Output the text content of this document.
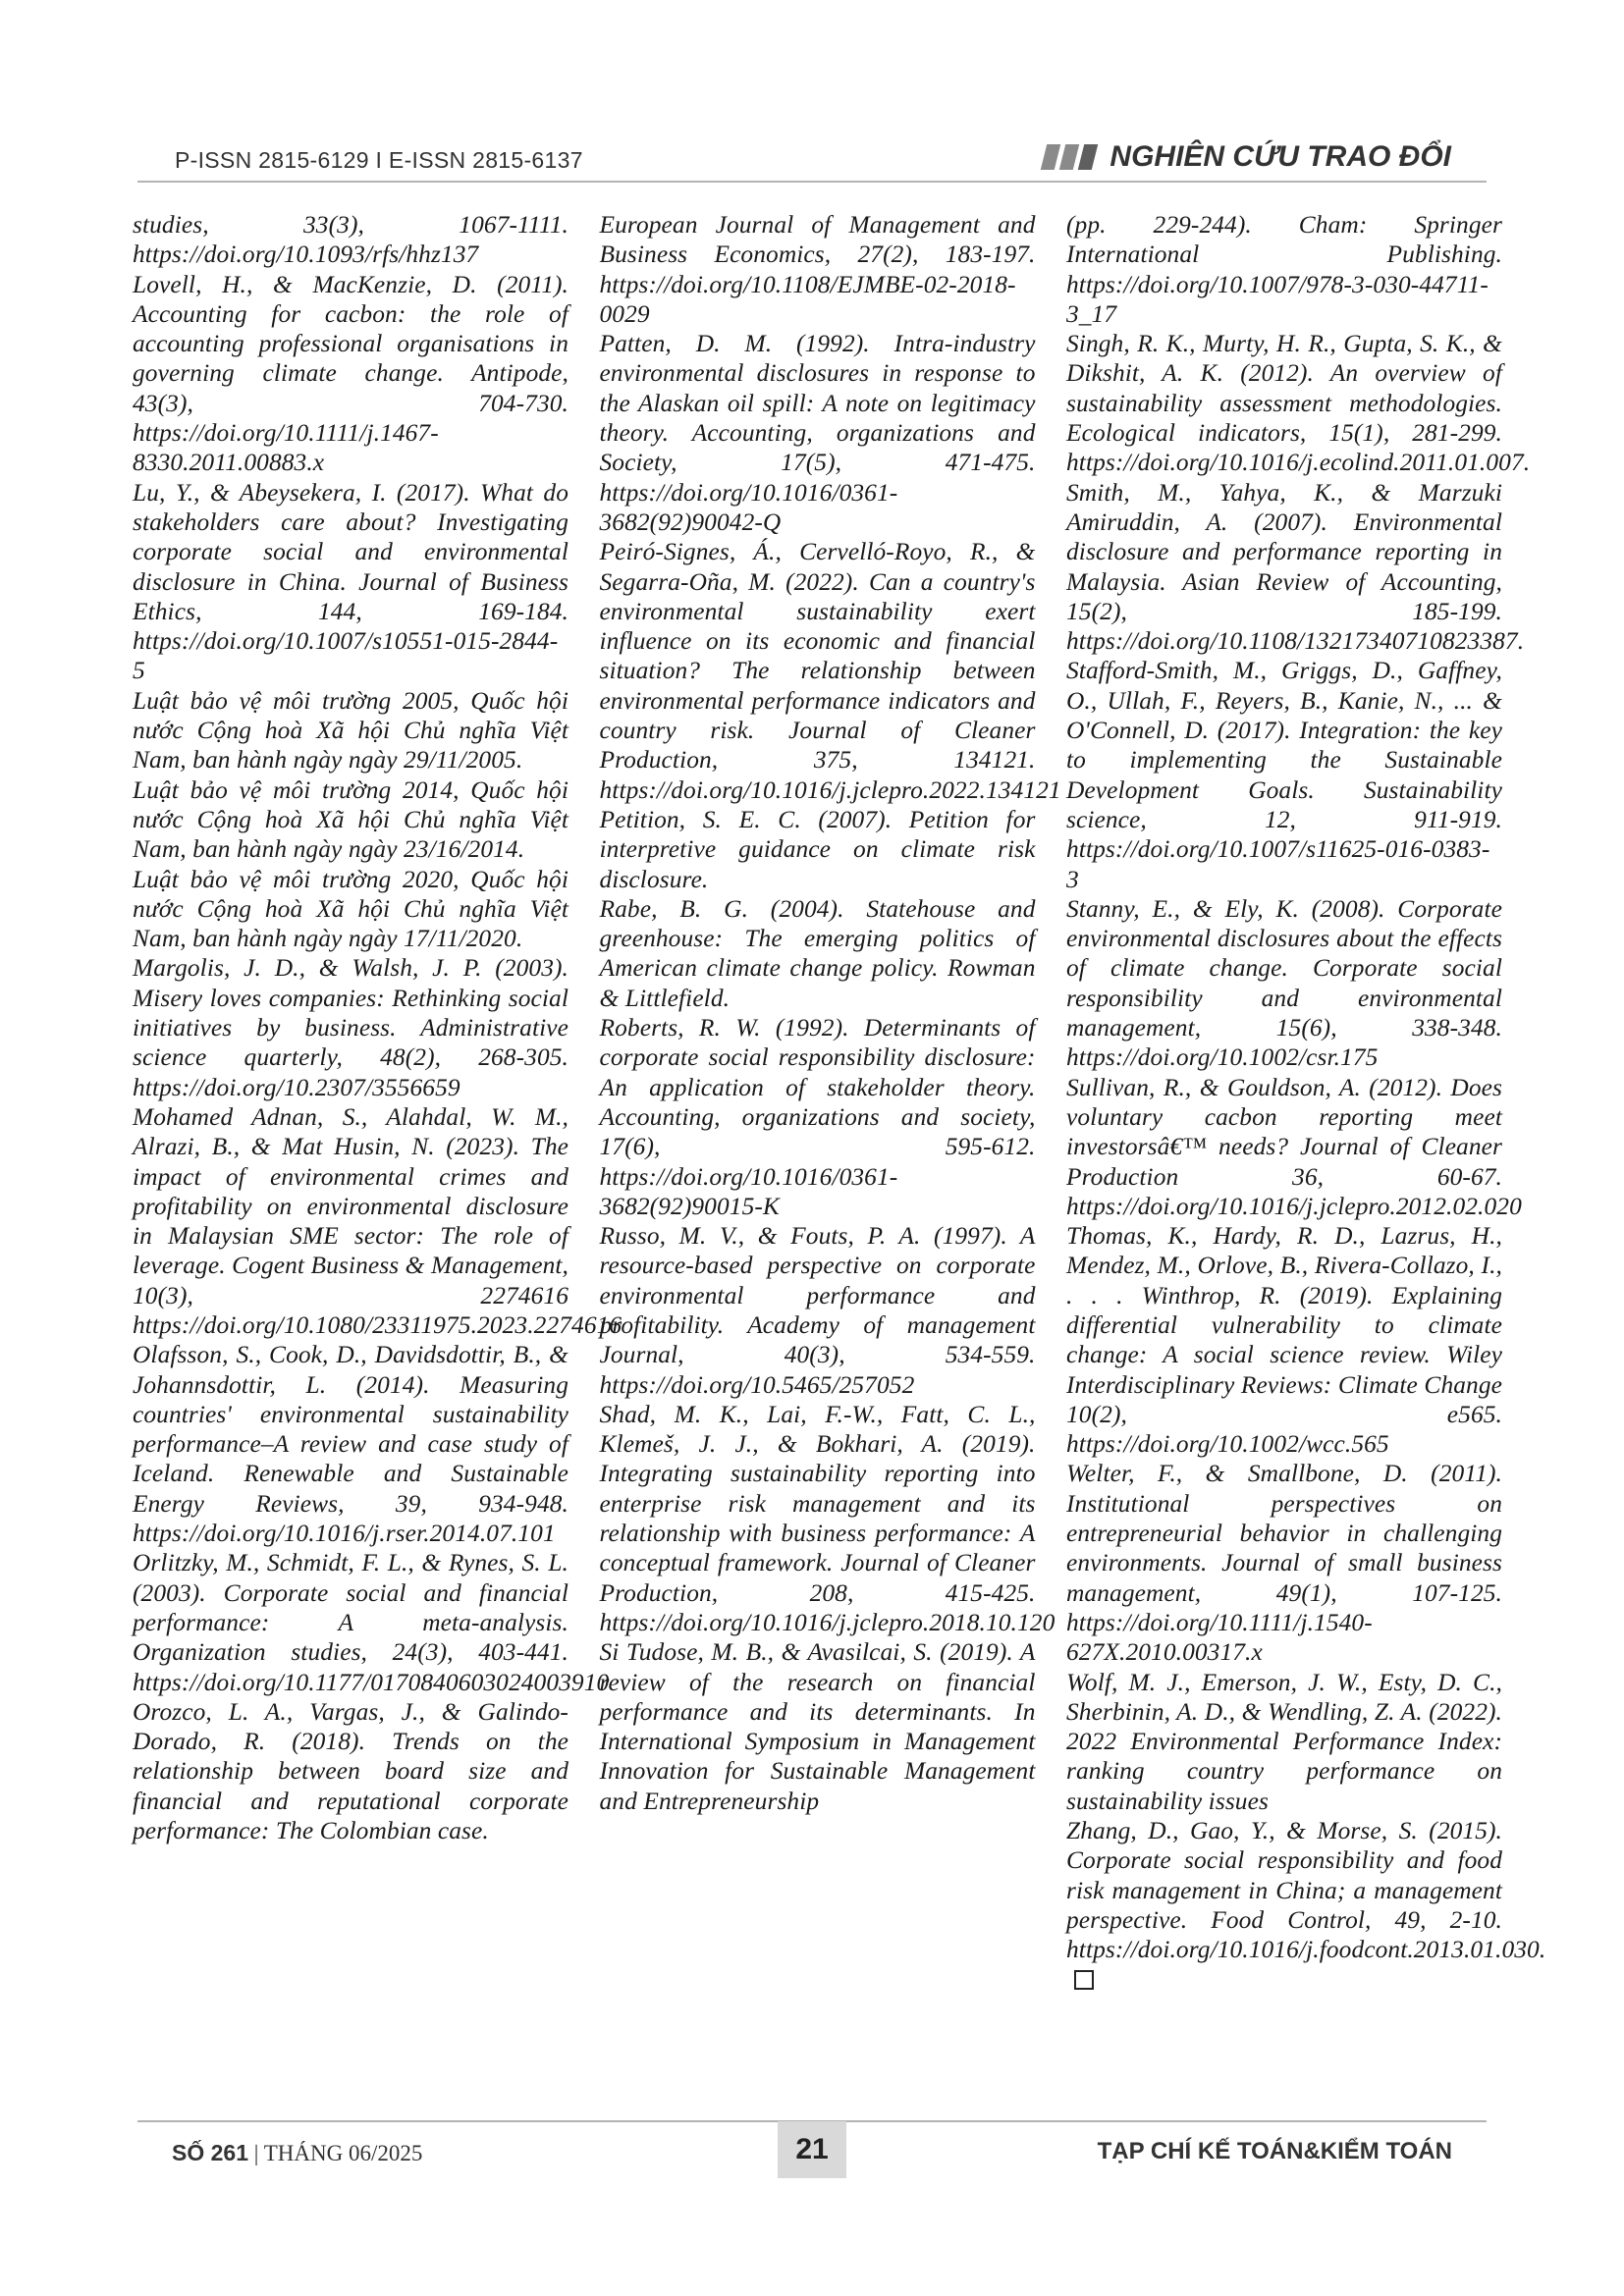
P-ISSN 2815-6129 I E-ISSN 2815-6137	NGHIÊN CỨU TRAO ĐỔI

studies, 33(3), 1067-1111. https://doi.org/10.1093/rfs/hhz137

Lovell, H., & MacKenzie, D. (2011). Accounting for cacbon: the role of accounting professional organisations in governing climate change. Antipode, 43(3), 704-730. https://doi.org/10.1111/j.1467-8330.2011.00883.x

Lu, Y., & Abeysekera, I. (2017). What do stakeholders care about? Investigating corporate social and environmental disclosure in China. Journal of Business Ethics, 144, 169-184. https://doi.org/10.1007/s10551-015-2844-5

Luật bảo vệ môi trường 2005, Quốc hội nước Cộng hoà Xã hội Chủ nghĩa Việt Nam, ban hành ngày ngày 29/11/2005.

Luật bảo vệ môi trường 2014, Quốc hội nước Cộng hoà Xã hội Chủ nghĩa Việt Nam, ban hành ngày ngày 23/16/2014.

Luật bảo vệ môi trường 2020, Quốc hội nước Cộng hoà Xã hội Chủ nghĩa Việt Nam, ban hành ngày ngày 17/11/2020.

Margolis, J. D., & Walsh, J. P. (2003). Misery loves companies: Rethinking social initiatives by business. Administrative science quarterly, 48(2), 268-305. https://doi.org/10.2307/3556659

Mohamed Adnan, S., Alahdal, W. M., Alrazi, B., & Mat Husin, N. (2023). The impact of environmental crimes and profitability on environmental disclosure in Malaysian SME sector: The role of leverage. Cogent Business & Management, 10(3), 2274616 https://doi.org/10.1080/23311975.2023.2274616

Olafsson, S., Cook, D., Davidsdottir, B., & Johannsdottir, L. (2014). Measuring countries' environmental sustainability performance–A review and case study of Iceland. Renewable and Sustainable Energy Reviews, 39, 934-948. https://doi.org/10.1016/j.rser.2014.07.101

Orlitzky, M., Schmidt, F. L., & Rynes, S. L. (2003). Corporate social and financial performance: A meta-analysis. Organization studies, 24(3), 403-441. https://doi.org/10.1177/0170840603024003910

Orozco, L. A., Vargas, J., & Galindo-Dorado, R. (2018). Trends on the relationship between board size and financial and reputational corporate performance: The Colombian case.

European Journal of Management and Business Economics, 27(2), 183-197. https://doi.org/10.1108/EJMBE-02-2018-0029

Patten, D. M. (1992). Intra-industry environmental disclosures in response to the Alaskan oil spill: A note on legitimacy theory. Accounting, organizations and Society, 17(5), 471-475. https://doi.org/10.1016/0361-3682(92)90042-Q

Peiró-Signes, Á., Cervelló-Royo, R., & Segarra-Oña, M. (2022). Can a country's environmental sustainability exert influence on its economic and financial situation? The relationship between environmental performance indicators and country risk. Journal of Cleaner Production, 375, 134121. https://doi.org/10.1016/j.jclepro.2022.134121

Petition, S. E. C. (2007). Petition for interpretive guidance on climate risk disclosure.

Rabe, B. G. (2004). Statehouse and greenhouse: The emerging politics of American climate change policy. Rowman & Littlefield.

Roberts, R. W. (1992). Determinants of corporate social responsibility disclosure: An application of stakeholder theory. Accounting, organizations and society, 17(6), 595-612. https://doi.org/10.1016/0361-3682(92)90015-K

Russo, M. V., & Fouts, P. A. (1997). A resource-based perspective on corporate environmental performance and profitability. Academy of management Journal, 40(3), 534-559. https://doi.org/10.5465/257052

Shad, M. K., Lai, F.-W., Fatt, C. L., Klemeš, J. J., & Bokhari, A. (2019). Integrating sustainability reporting into enterprise risk management and its relationship with business performance: A conceptual framework. Journal of Cleaner Production, 208, 415-425. https://doi.org/10.1016/j.jclepro.2018.10.120

Si Tudose, M. B., & Avasilcai, S. (2019). A review of the research on financial performance and its determinants. In International Symposium in Management Innovation for Sustainable Management and Entrepreneurship

(pp. 229-244). Cham: Springer International Publishing. https://doi.org/10.1007/978-3-030-44711-3_17

Singh, R. K., Murty, H. R., Gupta, S. K., & Dikshit, A. K. (2012). An overview of sustainability assessment methodologies. Ecological indicators, 15(1), 281-299. https://doi.org/10.1016/j.ecolind.2011.01.007.

Smith, M., Yahya, K., & Marzuki Amiruddin, A. (2007). Environmental disclosure and performance reporting in Malaysia. Asian Review of Accounting, 15(2), 185-199. https://doi.org/10.1108/13217340710823387.

Stafford-Smith, M., Griggs, D., Gaffney, O., Ullah, F., Reyers, B., Kanie, N., ... & O'Connell, D. (2017). Integration: the key to implementing the Sustainable Development Goals. Sustainability science, 12, 911-919. https://doi.org/10.1007/s11625-016-0383-3

Stanny, E., & Ely, K. (2008). Corporate environmental disclosures about the effects of climate change. Corporate social responsibility and environmental management, 15(6), 338-348. https://doi.org/10.1002/csr.175

Sullivan, R., & Gouldson, A. (2012). Does voluntary cacbon reporting meet investorsâ€™ needs? Journal of Cleaner Production 36, 60-67. https://doi.org/10.1016/j.jclepro.2012.02.020

Thomas, K., Hardy, R. D., Lazrus, H., Mendez, M., Orlove, B., Rivera-Collazo, I., . . . Winthrop, R. (2019). Explaining differential vulnerability to climate change: A social science review. Wiley Interdisciplinary Reviews: Climate Change 10(2), e565. https://doi.org/10.1002/wcc.565

Welter, F., & Smallbone, D. (2011). Institutional perspectives on entrepreneurial behavior in challenging environments. Journal of small business management, 49(1), 107-125. https://doi.org/10.1111/j.1540-627X.2010.00317.x

Wolf, M. J., Emerson, J. W., Esty, D. C., Sherbinin, A. D., & Wendling, Z. A. (2022). 2022 Environmental Performance Index: ranking country performance on sustainability issues

Zhang, D., Gao, Y., & Morse, S. (2015). Corporate social responsibility and food risk management in China; a management perspective. Food Control, 49, 2-10. https://doi.org/10.1016/j.foodcont.2013.01.030.

SỐ 261 | THÁNG 06/2025	21	TẠP CHÍ KẾ TOÁN&KIỂM TOÁN
